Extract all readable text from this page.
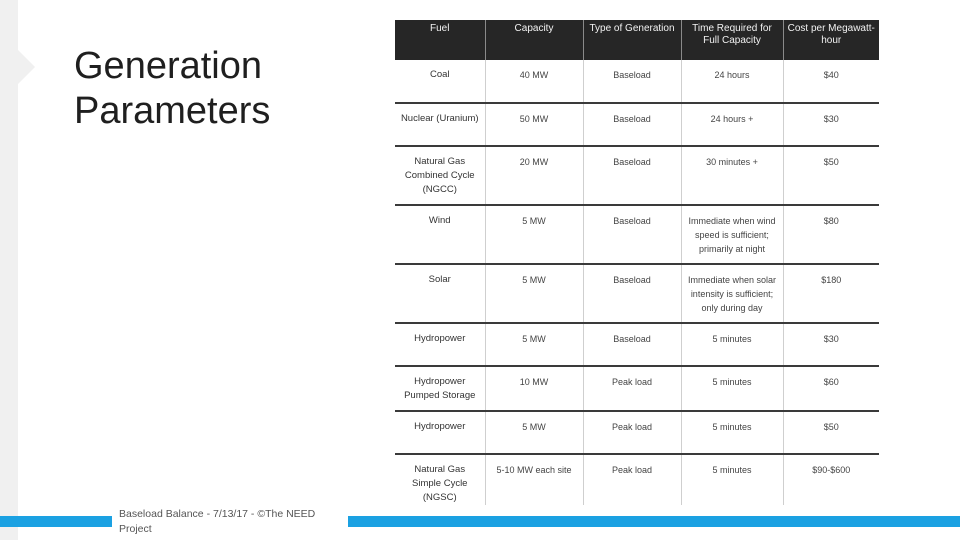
Generation
Parameters
Fuel	Capacity	Type of Generation	Time Required for Full Capacity	Cost per Megawatt-hour
Coal	40 MW	Baseload	24 hours	$40
Nuclear (Uranium)	50 MW	Baseload	24 hours +	$30
Natural Gas Combined Cycle (NGCC)	20 MW	Baseload	30 minutes +	$50
Wind	5 MW	Baseload	Immediate when wind speed is sufficient; primarily at night	$80
Solar	5 MW	Baseload	Immediate when solar intensity is sufficient; only during day	$180
Hydropower	5 MW	Baseload	5 minutes	$30
Hydropower Pumped Storage	10 MW	Peak load	5 minutes	$60
Hydropower	5 MW	Peak load	5 minutes	$50
Natural Gas Simple Cycle (NGSC)	5-10 MW each site	Peak load	5 minutes	$90-$600
Baseload Balance - 7/13/17 - ©The NEED Project
